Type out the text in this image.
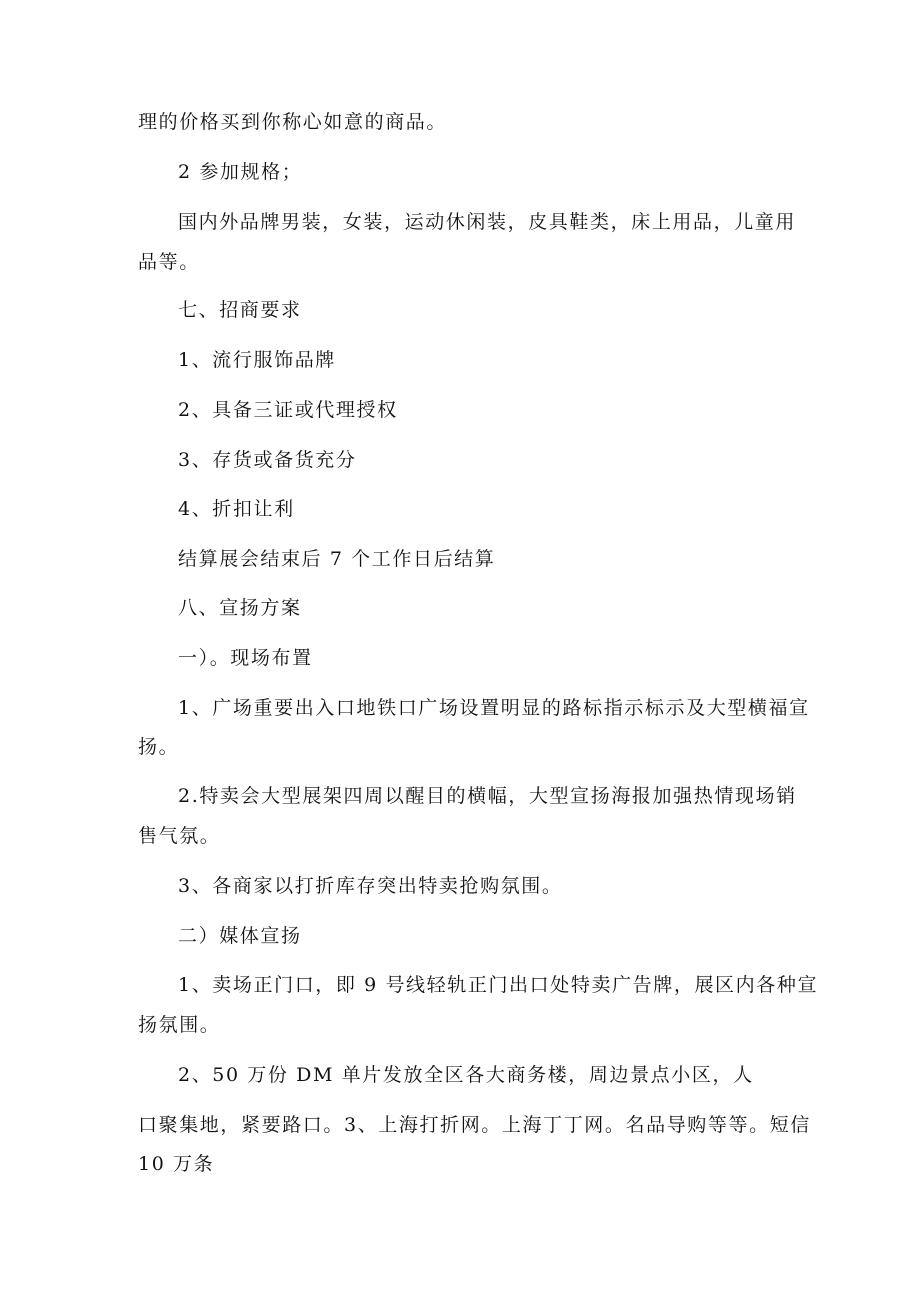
理的价格买到你称心如意的商品。
2 参加规格；
国内外品牌男装，女装，运动休闲装，皮具鞋类，床上用品，儿童用
品等。
七、招商要求
1、流行服饰品牌
2、具备三证或代理授权
3、存货或备货充分
4、折扣让利
结算展会结束后 7 个工作日后结算
八、宣扬方案
一）。现场布置
1、广场重要出入口地铁口广场设置明显的路标指示标示及大型横福宣
扬。
2.特卖会大型展架四周以醒目的横幅，大型宣扬海报加强热情现场销
售气氛。
3、各商家以打折库存突出特卖抢购氛围。
二）媒体宣扬
1、卖场正门口，即 9 号线轻轨正门出口处特卖广告牌，展区内各种宣
扬氛围。
2、50 万份 DM 单片发放全区各大商务楼，周边景点小区，人
口聚集地，紧要路口。3、上海打折网。上海丁丁网。名品导购等等。短信
10 万条
